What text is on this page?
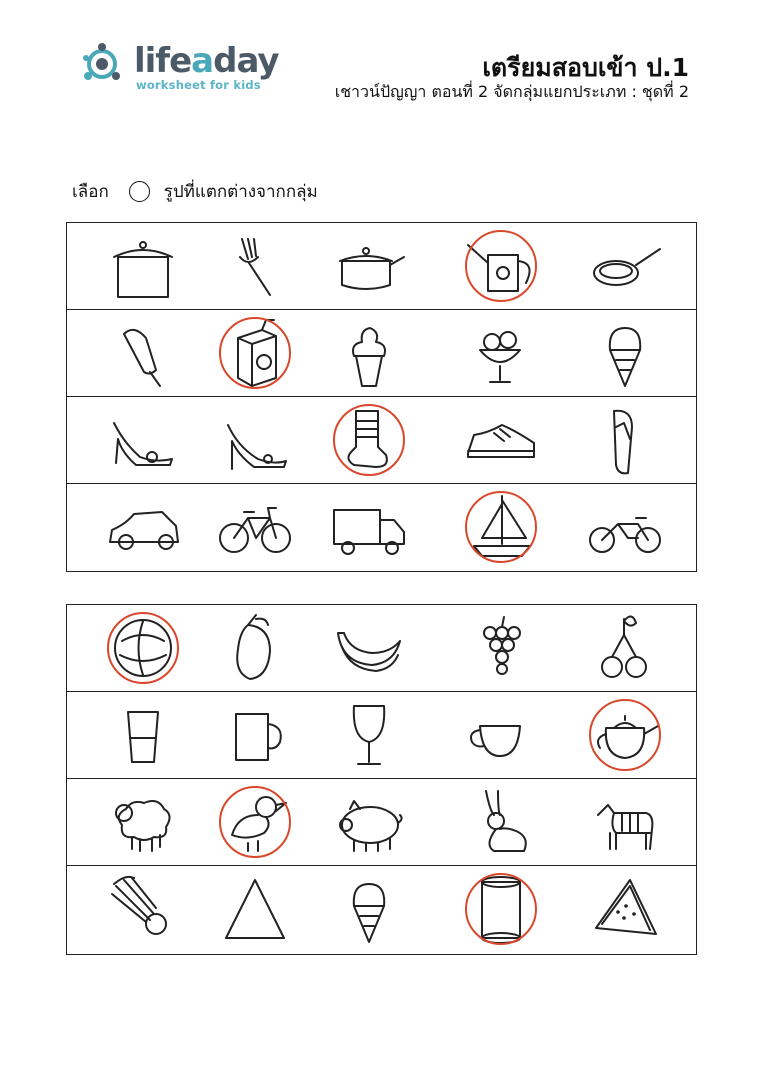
lifeaday
worksheet for kids
เตรียมสอบเข้า ป.1
เชาวน์ปัญญา ตอนที่ 2 จัดกลุ่มแยกประเภท : ชุดที่ 2
เลือก	รูปที่แตกต่างจากกลุ่ม
